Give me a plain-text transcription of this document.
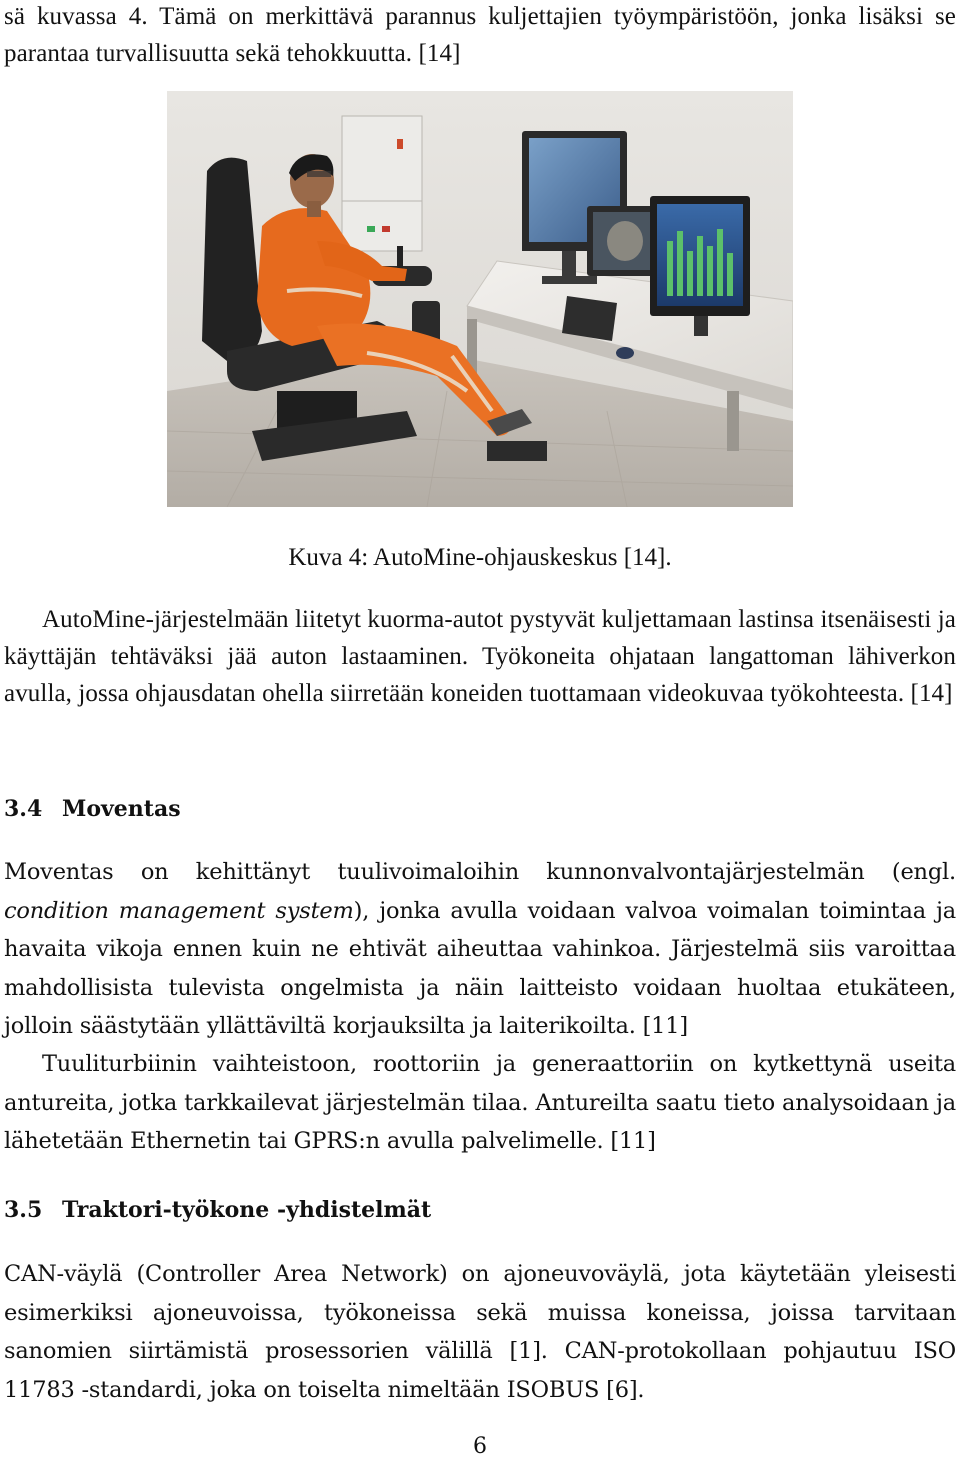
sä kuvassa 4. Tämä on merkittävä parannus kuljettajien työympäristöön, jonka lisäksi se parantaa turvallisuutta sekä tehokkuutta. [14]

Kuva 4: AutoMine-ohjauskeskus [14].

AutoMine-järjestelmään liitetyt kuorma-autot pystyvät kuljettamaan lastinsa itsenäisesti ja käyttäjän tehtäväksi jää auton lastaaminen. Työkoneita ohjataan langattoman lähiverkon avulla, jossa ohjausdatan ohella siirretään koneiden tuottamaan videokuvaa työkohteesta. [14]

3.4 Moventas

Moventas on kehittänyt tuulivoimaloihin kunnonvalvontajärjestelmän (engl. condition management system), jonka avulla voidaan valvoa voimalan toimintaa ja havaita vikoja ennen kuin ne ehtivät aiheuttaa vahinkoa. Järjestelmä siis varoittaa mahdollisista tulevista ongelmista ja näin laitteisto voidaan huoltaa etukäteen, jolloin säästytään yllättäviltä korjauksilta ja laiterikoilta. [11]

Tuuliturbiinin vaihteistoon, roottoriin ja generaattoriin on kytkettynä useita antureita, jotka tarkkailevat järjestelmän tilaa. Antureilta saatu tieto analysoidaan ja lähetetään Ethernetin tai GPRS:n avulla palvelimelle. [11]

3.5 Traktori-työkone -yhdistelmät

CAN-väylä (Controller Area Network) on ajoneuvoväylä, jota käytetään yleisesti esimerkiksi ajoneuvoissa, työkoneissa sekä muissa koneissa, joissa tarvitaan sanomien siirtämistä prosessorien välillä [1]. CAN-protokollaan pohjautuu ISO 11783 -standardi, joka on toiselta nimeltään ISOBUS [6].

6
